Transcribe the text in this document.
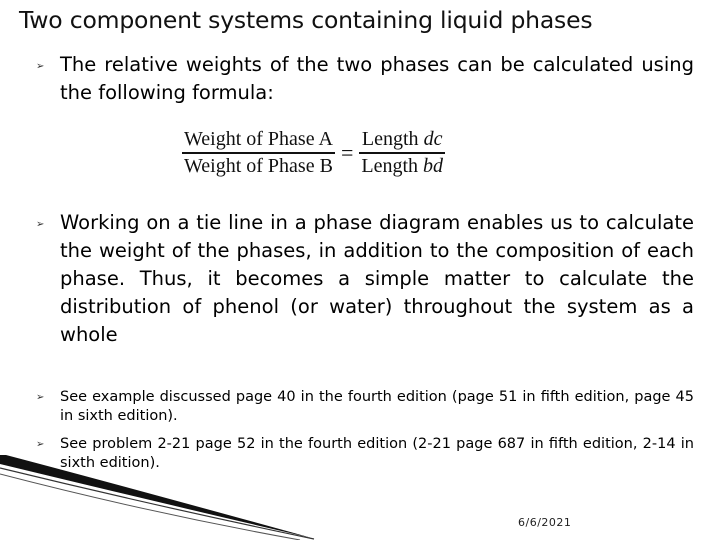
Two component systems containing liquid phases
➢ The relative weights of the two phases can be calculated using the following formula:
$\frac{\text{Weight of Phase A}}{\text{Weight of Phase B}} = \frac{\text{Length dc}}{\text{Length bd}}$
➢ Working on a tie line in a phase diagram enables us to calculate the weight of the phases, in addition to the composition of each phase. Thus, it becomes a simple matter to calculate the distribution of phenol (or water) throughout the system as a whole
➢ See example discussed page 40 in the fourth edition (page 51 in fifth edition, page 45 in sixth edition).
➢ See problem 2-21 page 52 in the fourth edition (2-21 page 687 in fifth edition, 2-14 in sixth edition).
6/6/2021
